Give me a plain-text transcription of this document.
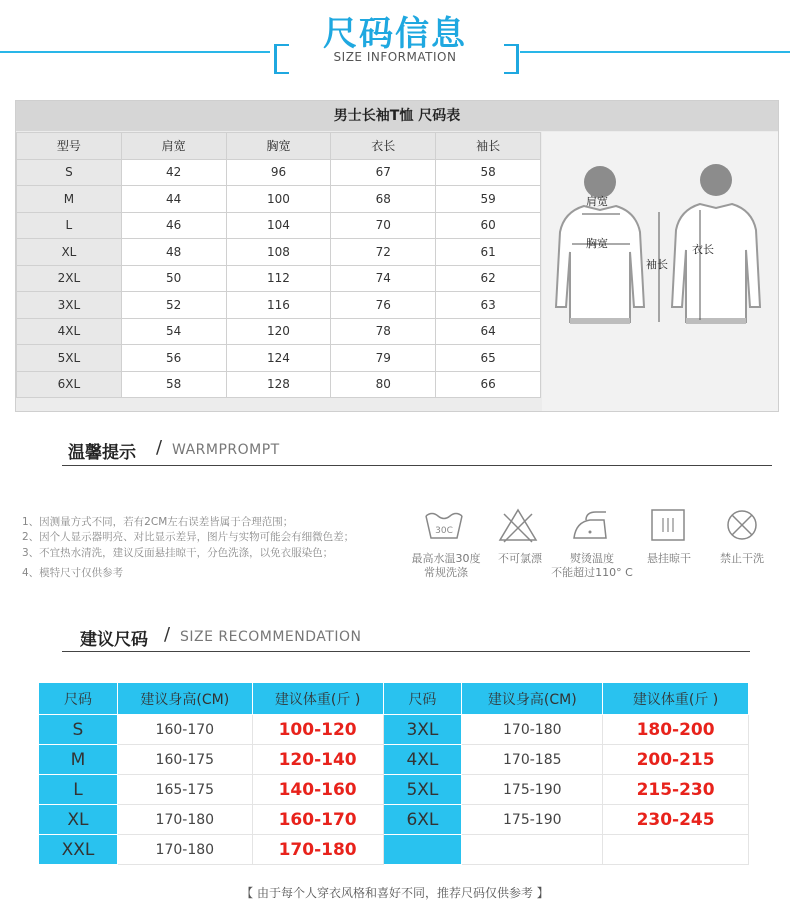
尺码信息
SIZE INFORMATION
男士长袖T恤 尺码表
型号	肩宽	胸宽	衣长	袖长
S	42	96	67	58
M	44	100	68	59
L	46	104	70	60
XL	48	108	72	61
2XL	50	112	74	62
3XL	52	116	76	63
4XL	54	120	78	64
5XL	56	124	79	65
6XL	58	128	80	66
肩宽
胸宽
袖长
衣长
温馨提示 / WARMPROMPT
1、因测量方式不同，若有2CM左右误差皆属于合理范围；
2、因个人显示器明亮、对比显示差异，图片与实物可能会有细微色差；
3、不宜热水清洗，建议反面悬挂晾干，分色洗涤，以免衣服染色；
4、模特尺寸仅供参考
30C
最高水温30度
常规洗涤
不可氯漂	熨烫温度
不能超过110° C
悬挂晾干	禁止干洗
建议尺码 / SIZE RECOMMENDATION
尺码	建议身高(CM)	建议体重(斤 )	尺码	建议身高(CM)	建议体重(斤 )
S	160-170	100-120	3XL	170-180	180-200
M	160-175	120-140	4XL	170-185	200-215
L	165-175	140-160	5XL	175-190	215-230
XL	170-180	160-170	6XL	175-190	230-245
XXL	170-180	170-180			
【 由于每个人穿衣风格和喜好不同，推荐尺码仅供参考 】
